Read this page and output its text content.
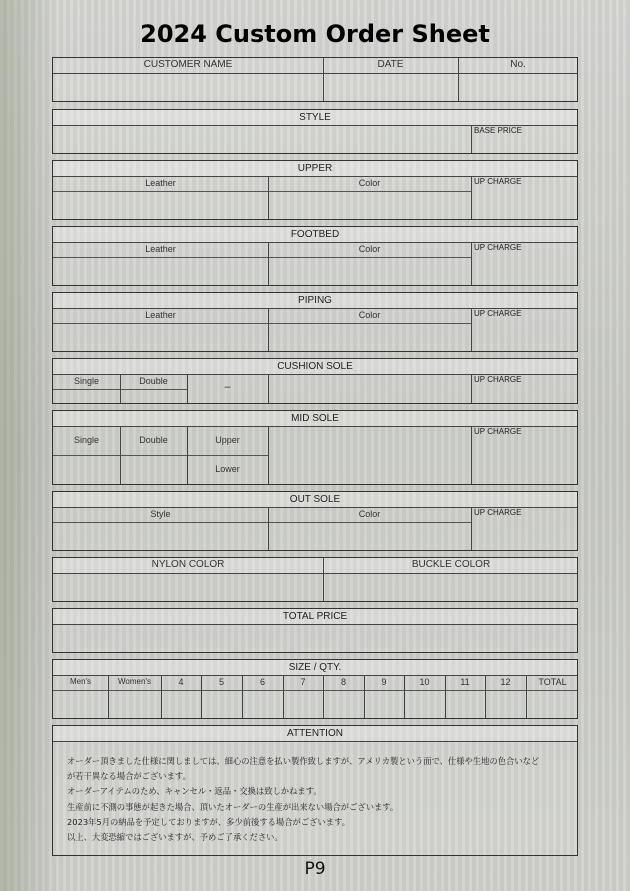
2024 Custom Order Sheet
CUSTOMER NAME	DATE	No.
STYLE
BASE PRICE
UPPER
Leather	Color	UP CHARGE
FOOTBED
Leather	Color	UP CHARGE
PIPING
Leather	Color	UP CHARGE
CUSHION SOLE
Single	Double	–
UP CHARGE
MID SOLE
Single	Double	Upper
Lower
UP CHARGE
OUT SOLE
Style	Color	UP CHARGE
NYLON COLOR	BUCKLE COLOR
TOTAL PRICE
SIZE / QTY.
Men's	Women's	4	5	6	7	8	9	10	11	12	TOTAL
ATTENTION
オーダー頂きました仕様に関しましては、細心の注意を払い製作致しますが、アメリカ製という面で、仕様や生地の色合いなど
が若干異なる場合がございます。
オーダーアイテムのため、キャンセル・返品・交換は致しかねます。
生産前に不測の事態が起きた場合、頂いたオーダーの生産が出来ない場合がございます。
2023年5月の納品を予定しておりますが、多少前後する場合がございます。
以上、大変恐縮ではございますが、予めご了承ください。
P9
